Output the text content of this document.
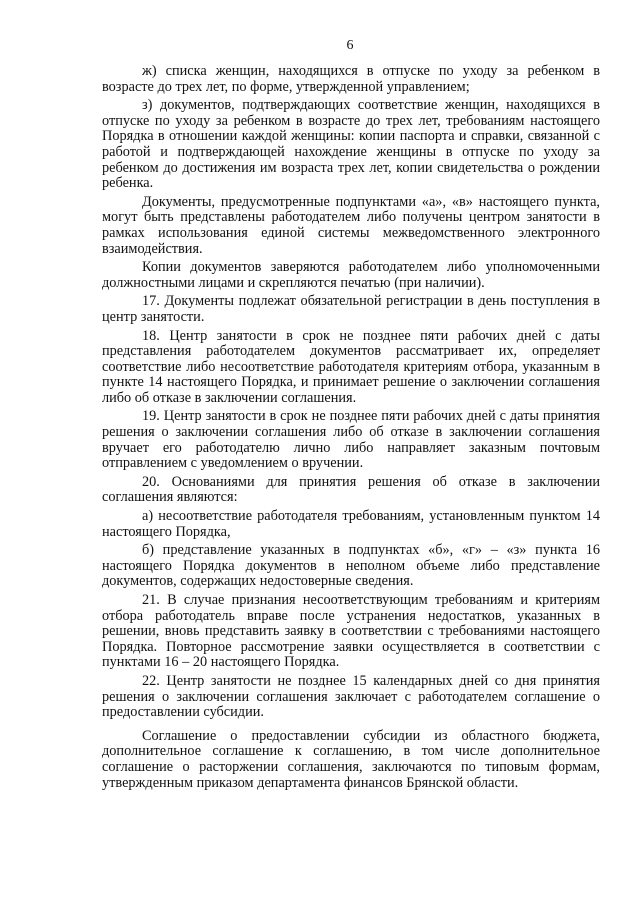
6

ж) списка женщин, находящихся в отпуске по уходу за ребенком в возрасте до трех лет, по форме, утвержденной управлением;

з) документов, подтверждающих соответствие женщин, находящихся в отпуске по уходу за ребенком в возрасте до трех лет, требованиям настоящего Порядка в отношении каждой женщины: копии паспорта и справки, связанной с работой и подтверждающей нахождение женщины в отпуске по уходу за ребенком до достижения им возраста трех лет, копии свидетельства о рождении ребенка.

Документы, предусмотренные подпунктами «а», «в» настоящего пункта, могут быть представлены работодателем либо получены центром занятости в рамках использования единой системы межведомственного электронного взаимодействия.

Копии документов заверяются работодателем либо уполномоченными должностными лицами и скрепляются печатью (при наличии).

17. Документы подлежат обязательной регистрации в день поступления в центр занятости.

18. Центр занятости в срок не позднее пяти рабочих дней с даты представления работодателем документов рассматривает их, определяет соответствие либо несоответствие работодателя критериям отбора, указанным в пункте 14 настоящего Порядка, и принимает решение о заключении соглашения либо об отказе в заключении соглашения.

19. Центр занятости в срок не позднее пяти рабочих дней с даты принятия решения о заключении соглашения либо об отказе в заключении соглашения вручает его работодателю лично либо направляет заказным почтовым отправлением с уведомлением о вручении.

20. Основаниями для принятия решения об отказе в заключении соглашения являются:

а) несоответствие работодателя требованиям, установленным пунктом 14 настоящего Порядка,

б) представление указанных в подпунктах «б», «г» – «з» пункта 16 настоящего Порядка документов в неполном объеме либо представление документов, содержащих недостоверные сведения.

21. В случае признания несоответствующим требованиям и критериям отбора работодатель вправе после устранения недостатков, указанных в решении, вновь представить заявку в соответствии с требованиями настоящего Порядка. Повторное рассмотрение заявки осуществляется в соответствии с пунктами 16 – 20 настоящего Порядка.

22. Центр занятости не позднее 15 календарных дней со дня принятия решения о заключении соглашения заключает с работодателем соглашение о предоставлении субсидии.

Соглашение о предоставлении субсидии из областного бюджета, дополнительное соглашение к соглашению, в том числе дополнительное соглашение о расторжении соглашения, заключаются по типовым формам, утвержденным приказом департамента финансов Брянской области.
